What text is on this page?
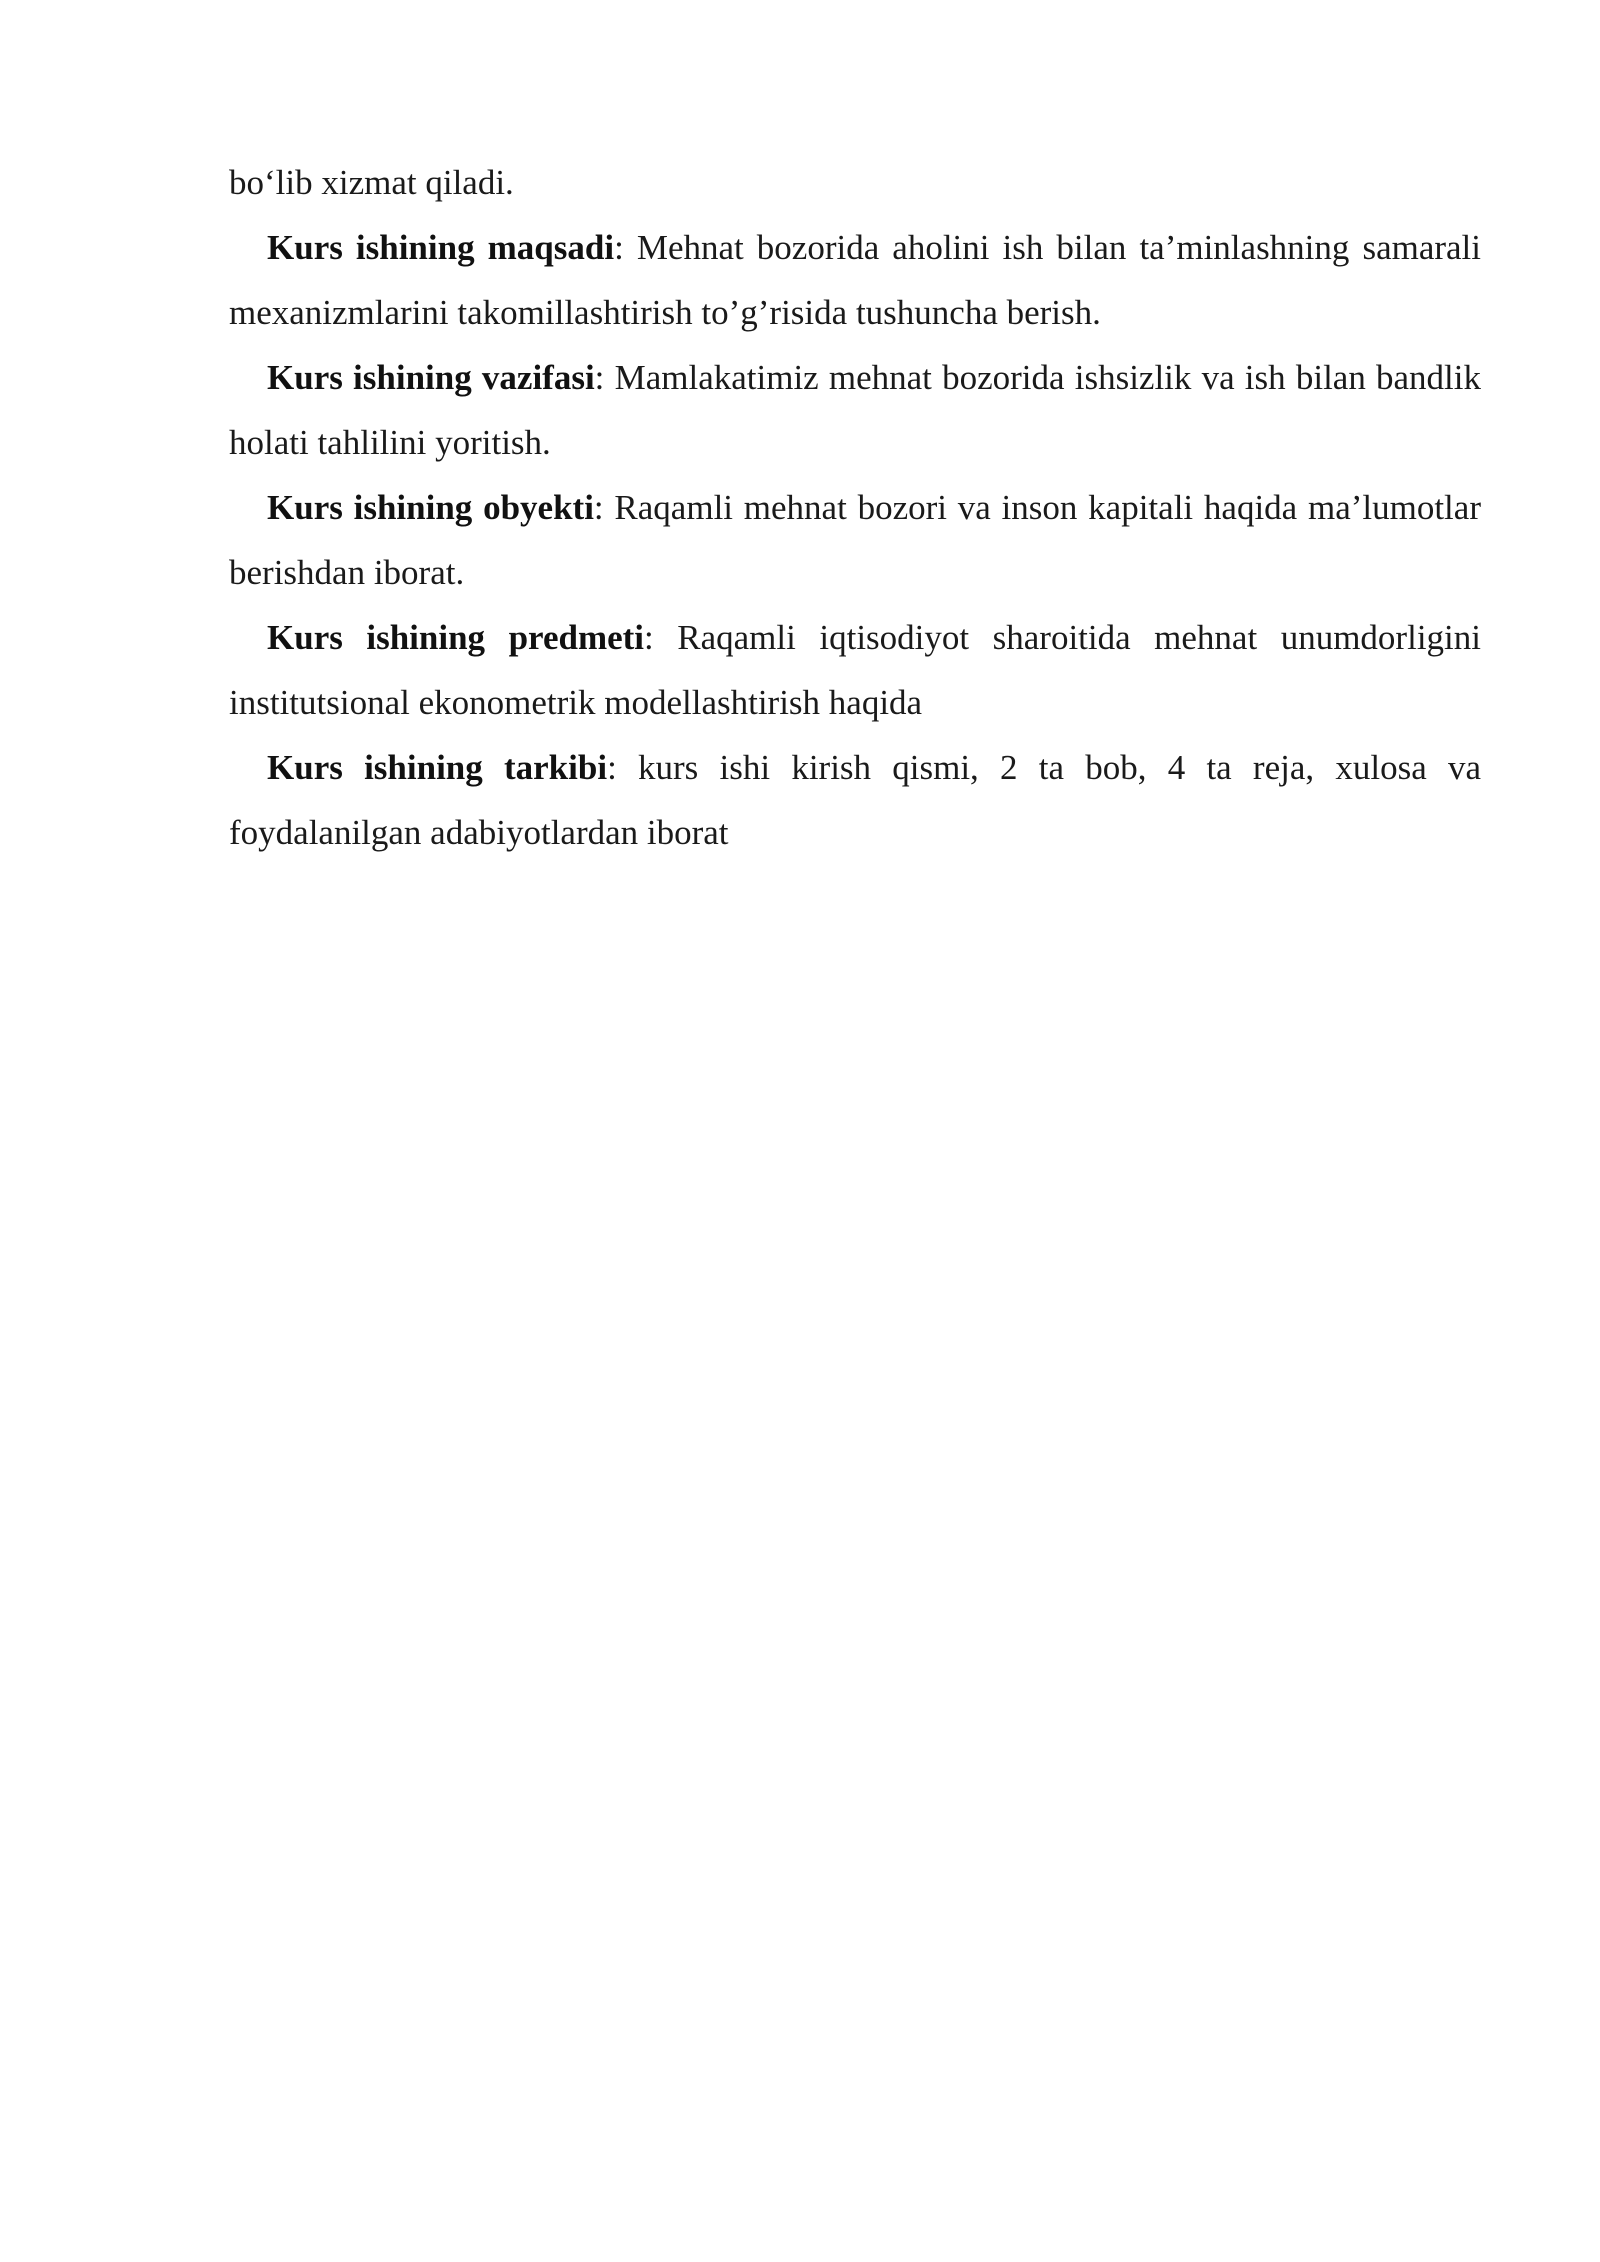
bo‘lib xizmat qiladi.

Kurs ishining maqsadi: Mehnat bozorida aholini ish bilan ta’minlashning samarali mexanizmlarini takomillashtirish to’g’risida tushuncha berish.

Kurs ishining vazifasi: Mamlakatimiz mehnat bozorida ishsizlik va ish bilan bandlik holati tahlilini yoritish.

Kurs ishining obyekti: Raqamli mehnat bozori va inson kapitali haqida ma’lumotlar berishdan iborat.

Kurs ishining predmeti: Raqamli iqtisodiyot sharoitida mehnat unumdorligini institutsional ekonometrik modellashtirish haqida

Kurs ishining tarkibi: kurs ishi kirish qismi, 2 ta bob, 4 ta reja, xulosa va foydalanilgan adabiyotlardan iborat
